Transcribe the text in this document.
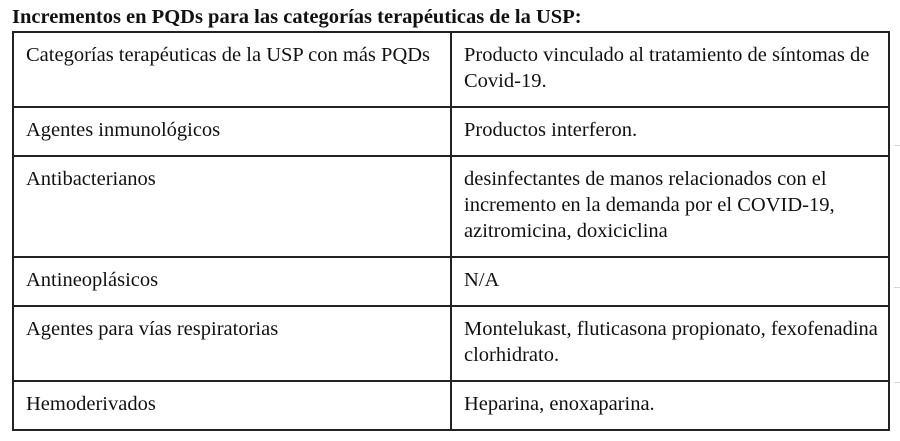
Incrementos en PQDs para las categorías terapéuticas de la USP:
Categorías terapéuticas de la USP con más PQDs	Producto vinculado al tratamiento de síntomas de Covid-19.
Agentes inmunológicos	Productos interferon.
Antibacterianos	desinfectantes de manos relacionados con el incremento en la demanda por el COVID-19, azitromicina, doxiciclina
Antineoplásicos	N/A
Agentes para vías respiratorias	Montelukast, fluticasona propionato, fexofenadina clorhidrato.
Hemoderivados	Heparina, enoxaparina.
